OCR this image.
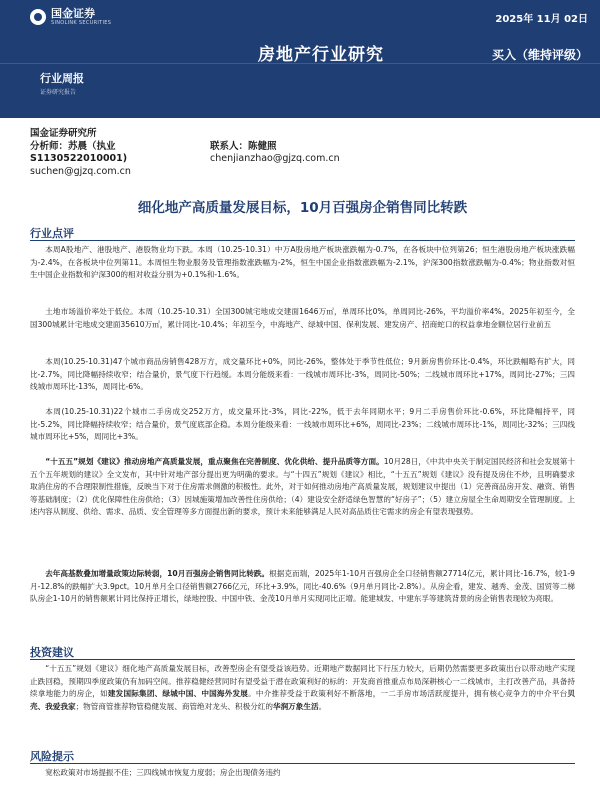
国金证券
SINOLINK SECURITIES	2025年 11月 02日
房地产行业研究	买入（维持评级）
行业周报
证券研究报告
国金证券研究所
分析师：苏晨（执业
S1130522010001)
suchen@gjzq.com.cn
联系人：陈健照
chenjianzhao@gjzq.com.cn
细化地产高质量发展目标，10月百强房企销售同比转跌
行业点评
本周A股地产、港股地产、港股物业均下跌。本周（10.25-10.31）中万A股房地产板块涨跌幅为-0.7%，在各板块中位列第26；恒生港股房地产板块涨跌幅为-2.4%，在各板块中位列第11。本周恒生物业服务及管理指数涨跌幅为-2%，恒生中国企业指数涨跌幅为-2.1%，沪深300指数涨跌幅为-0.4%；物业指数对恒生中国企业指数和沪深300的相对收益分别为+0.1%和-1.6%。
土地市场溢价率处于低位。本周（10.25-10.31）全国300城宅地成交建面1646万㎡，单周环比0%，单周同比-26%，平均溢价率4%。2025年初至今，全国300城累计宅地成交建面35610万㎡，累计同比-10.4%；年初至今，中海地产、绿城中国、保利发展、建发房产、招商蛇口的权益拿地金额位居行业前五
本周(10.25-10.31)47个城市商品房销售428万方，成交量环比+0%，同比-26%，整体处于季节性低位；9月新房售价环比-0.4%，环比跌幅略有扩大，同比-2.7%，同比降幅持续收窄；结合量价，景气度下行趋缓。本周分能级来看：一线城市周环比-3%，周同比-50%；二线城市周环比+17%，周同比-27%；三四线城市周环比-13%，周同比-6%。
本周(10.25-10.31)22个城市二手房成交252万方，成交量环比-3%，同比-22%，低于去年同期水平；9月二手房售价环比-0.6%，环比降幅持平，同比-5.2%，同比降幅持续收窄；结合量价，景气度底部企稳。本周分能级来看：一线城市周环比+6%，周同比-23%；二线城市周环比-1%，周同比-32%；三四线城市周环比+5%，周同比+3%。
“十五五”规划《建议》推动房地产高质量发展，重点聚焦在完善制度、优化供给、提升品质等方面。10月28日，《中共中央关于制定国民经济和社会发展第十五个五年规划的建议》全文发布，其中针对地产部分提出更为明确的要求。与“十四五”规划《建议》相比，“十五五”规划《建议》没有提及房住不炒，且明确要求取消住房的不合理限制性措施，反映当下对于住房需求侧激的积极性。此外，对于如何推动房地产高质量发展，规划建议中提出（1）完善商品房开发、融资、销售等基础制度；（2）优化保障性住房供给；（3）因城施策增加改善性住房供给；（4）建设安全舒适绿色智慧的“好房子”；（5）建立房屋全生命周期安全管理制度。上述内容从制度、供给、需求、品质、安全管理等多方面提出新的要求，预计未来能够满足人民对高品质住宅需求的房企有望表现强势。
去年高基数叠加增量政策边际转弱，10月百强房企销售同比转跌。根据克而瑞，2025年1-10月百强房企全口径销售额27714亿元，累计同比-16.7%，较1-9月-12.8%的跌幅扩大3.9pct。10月单月全口径销售额2766亿元，环比+3.9%，同比-40.6%（9月单月同比-2.8%）。从房企看，建发、越秀、金茂、国贸等二梯队房企1-10月的销售额累计同比保持正增长，绿地控股、中国中铁、金茂10月单月实现同比正增。能建城发、中建东孚等建筑背景的房企销售表现较为亮眼。
投资建议
“十五五”规划《建议》细化地产高质量发展目标，改善型房企有望受益该趋势。近期地产数据同比下行压力较大，后期仍然需要更多政策出台以带动地产实现止跌回稳，预期四季度政策仍有加码空间。推荐稳健经营同时有望受益于潜在政策利好的标的：开发商首推重点布局深耕核心一二线城市，主打改善产品，具备持续拿地能力的房企，如建发国际集团、绿城中国、中国海外发展。中介推荐受益于政策利好不断落地，一二手房市场活跃度提升，拥有核心竞争力的中介平台贝壳、我爱我家；物管商管推荐物管稳健发展、商管绝对龙头、积极分红的华润万象生活。
风险提示
宽松政策对市场提振不佳；三四线城市恢复力度弱；房企出现债务违约
